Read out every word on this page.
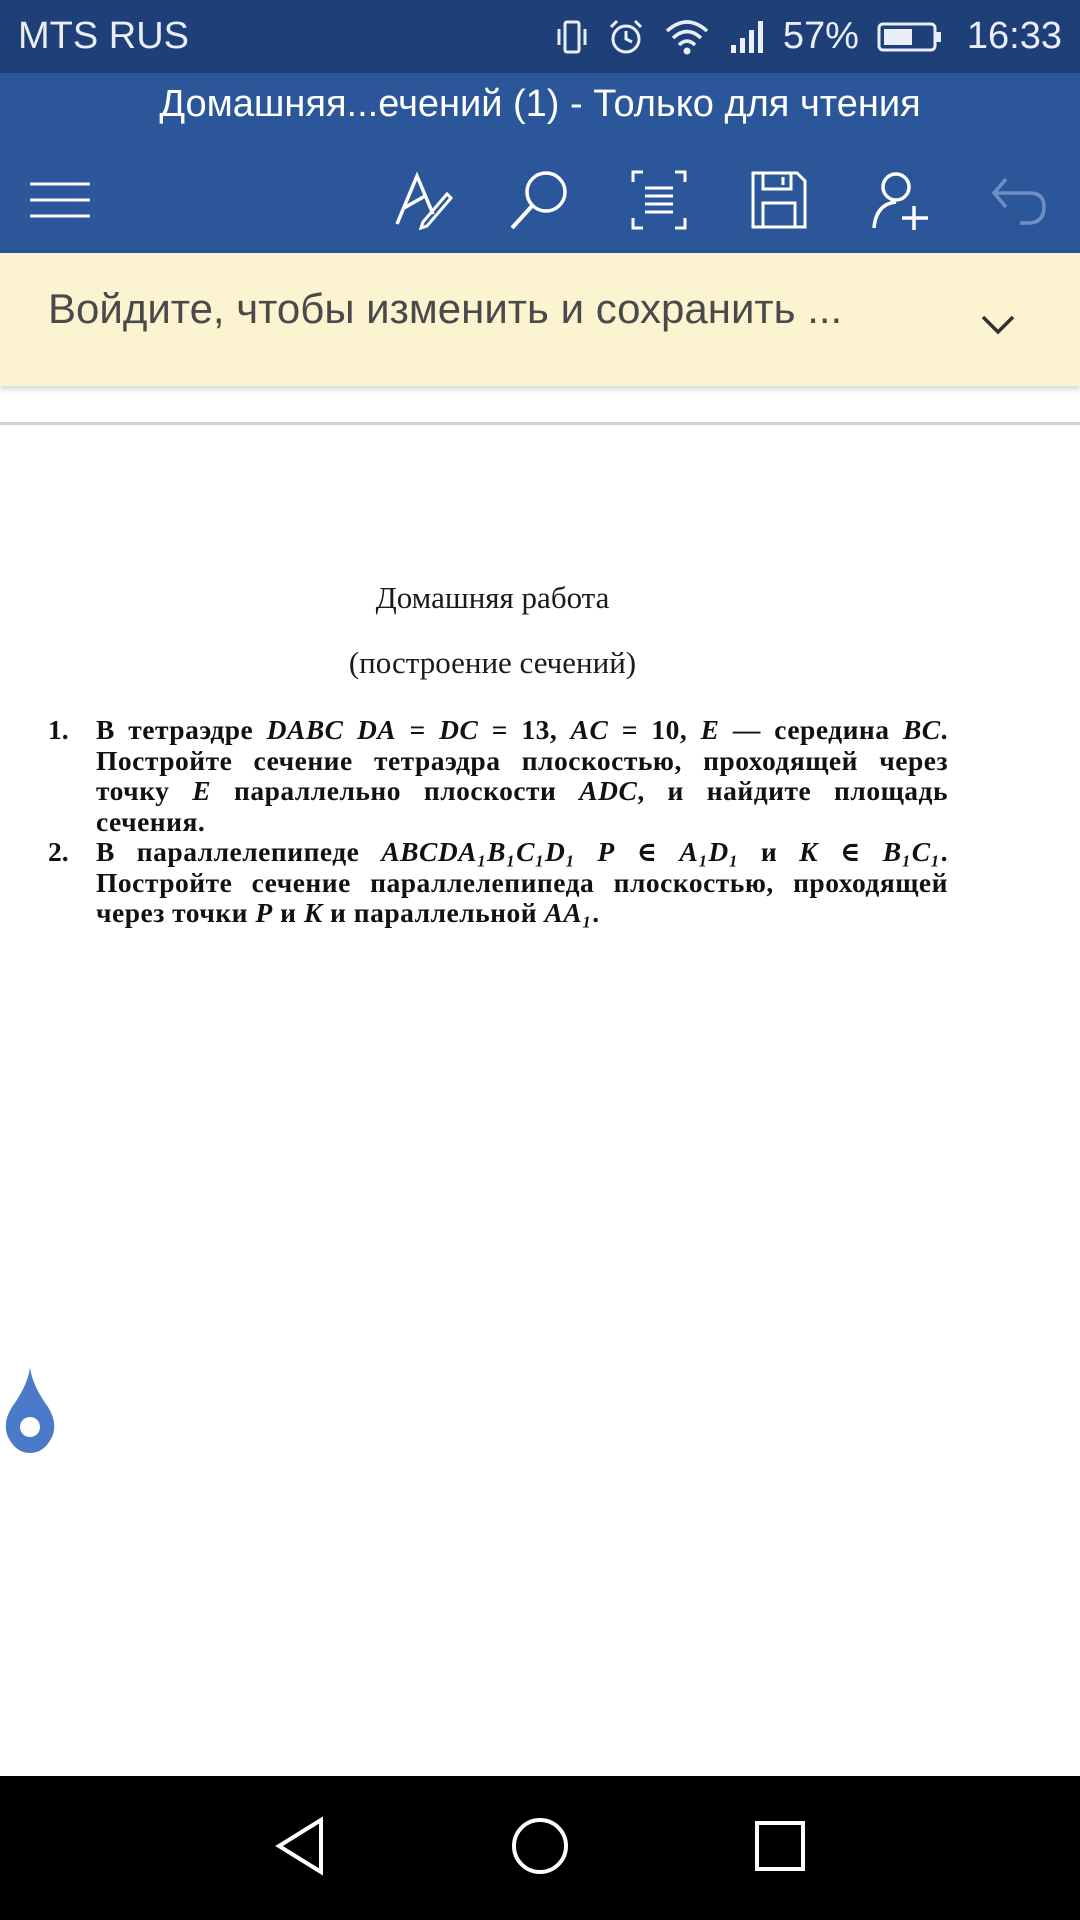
MTS RUS	57%	16:33
Домашняя...ечений (1) - Только для чтения
Войдите, чтобы изменить и сохранить ...
Домашняя работа
(построение сечений)
1. В тетраэдре DABC DA = DC = 13, AC = 10, E — середина BC. Постройте сечение тетраэдра плоскостью, проходящей через точку E параллельно плоскости ADC, и найдите площадь сечения.
2. В параллелепипеде ABCDA₁B₁C₁D₁ P ∈ A₁D₁ и K ∈ B₁C₁. Постройте сечение параллелепипеда плоскостью, проходящей через точки P и K и параллельной AA₁.
